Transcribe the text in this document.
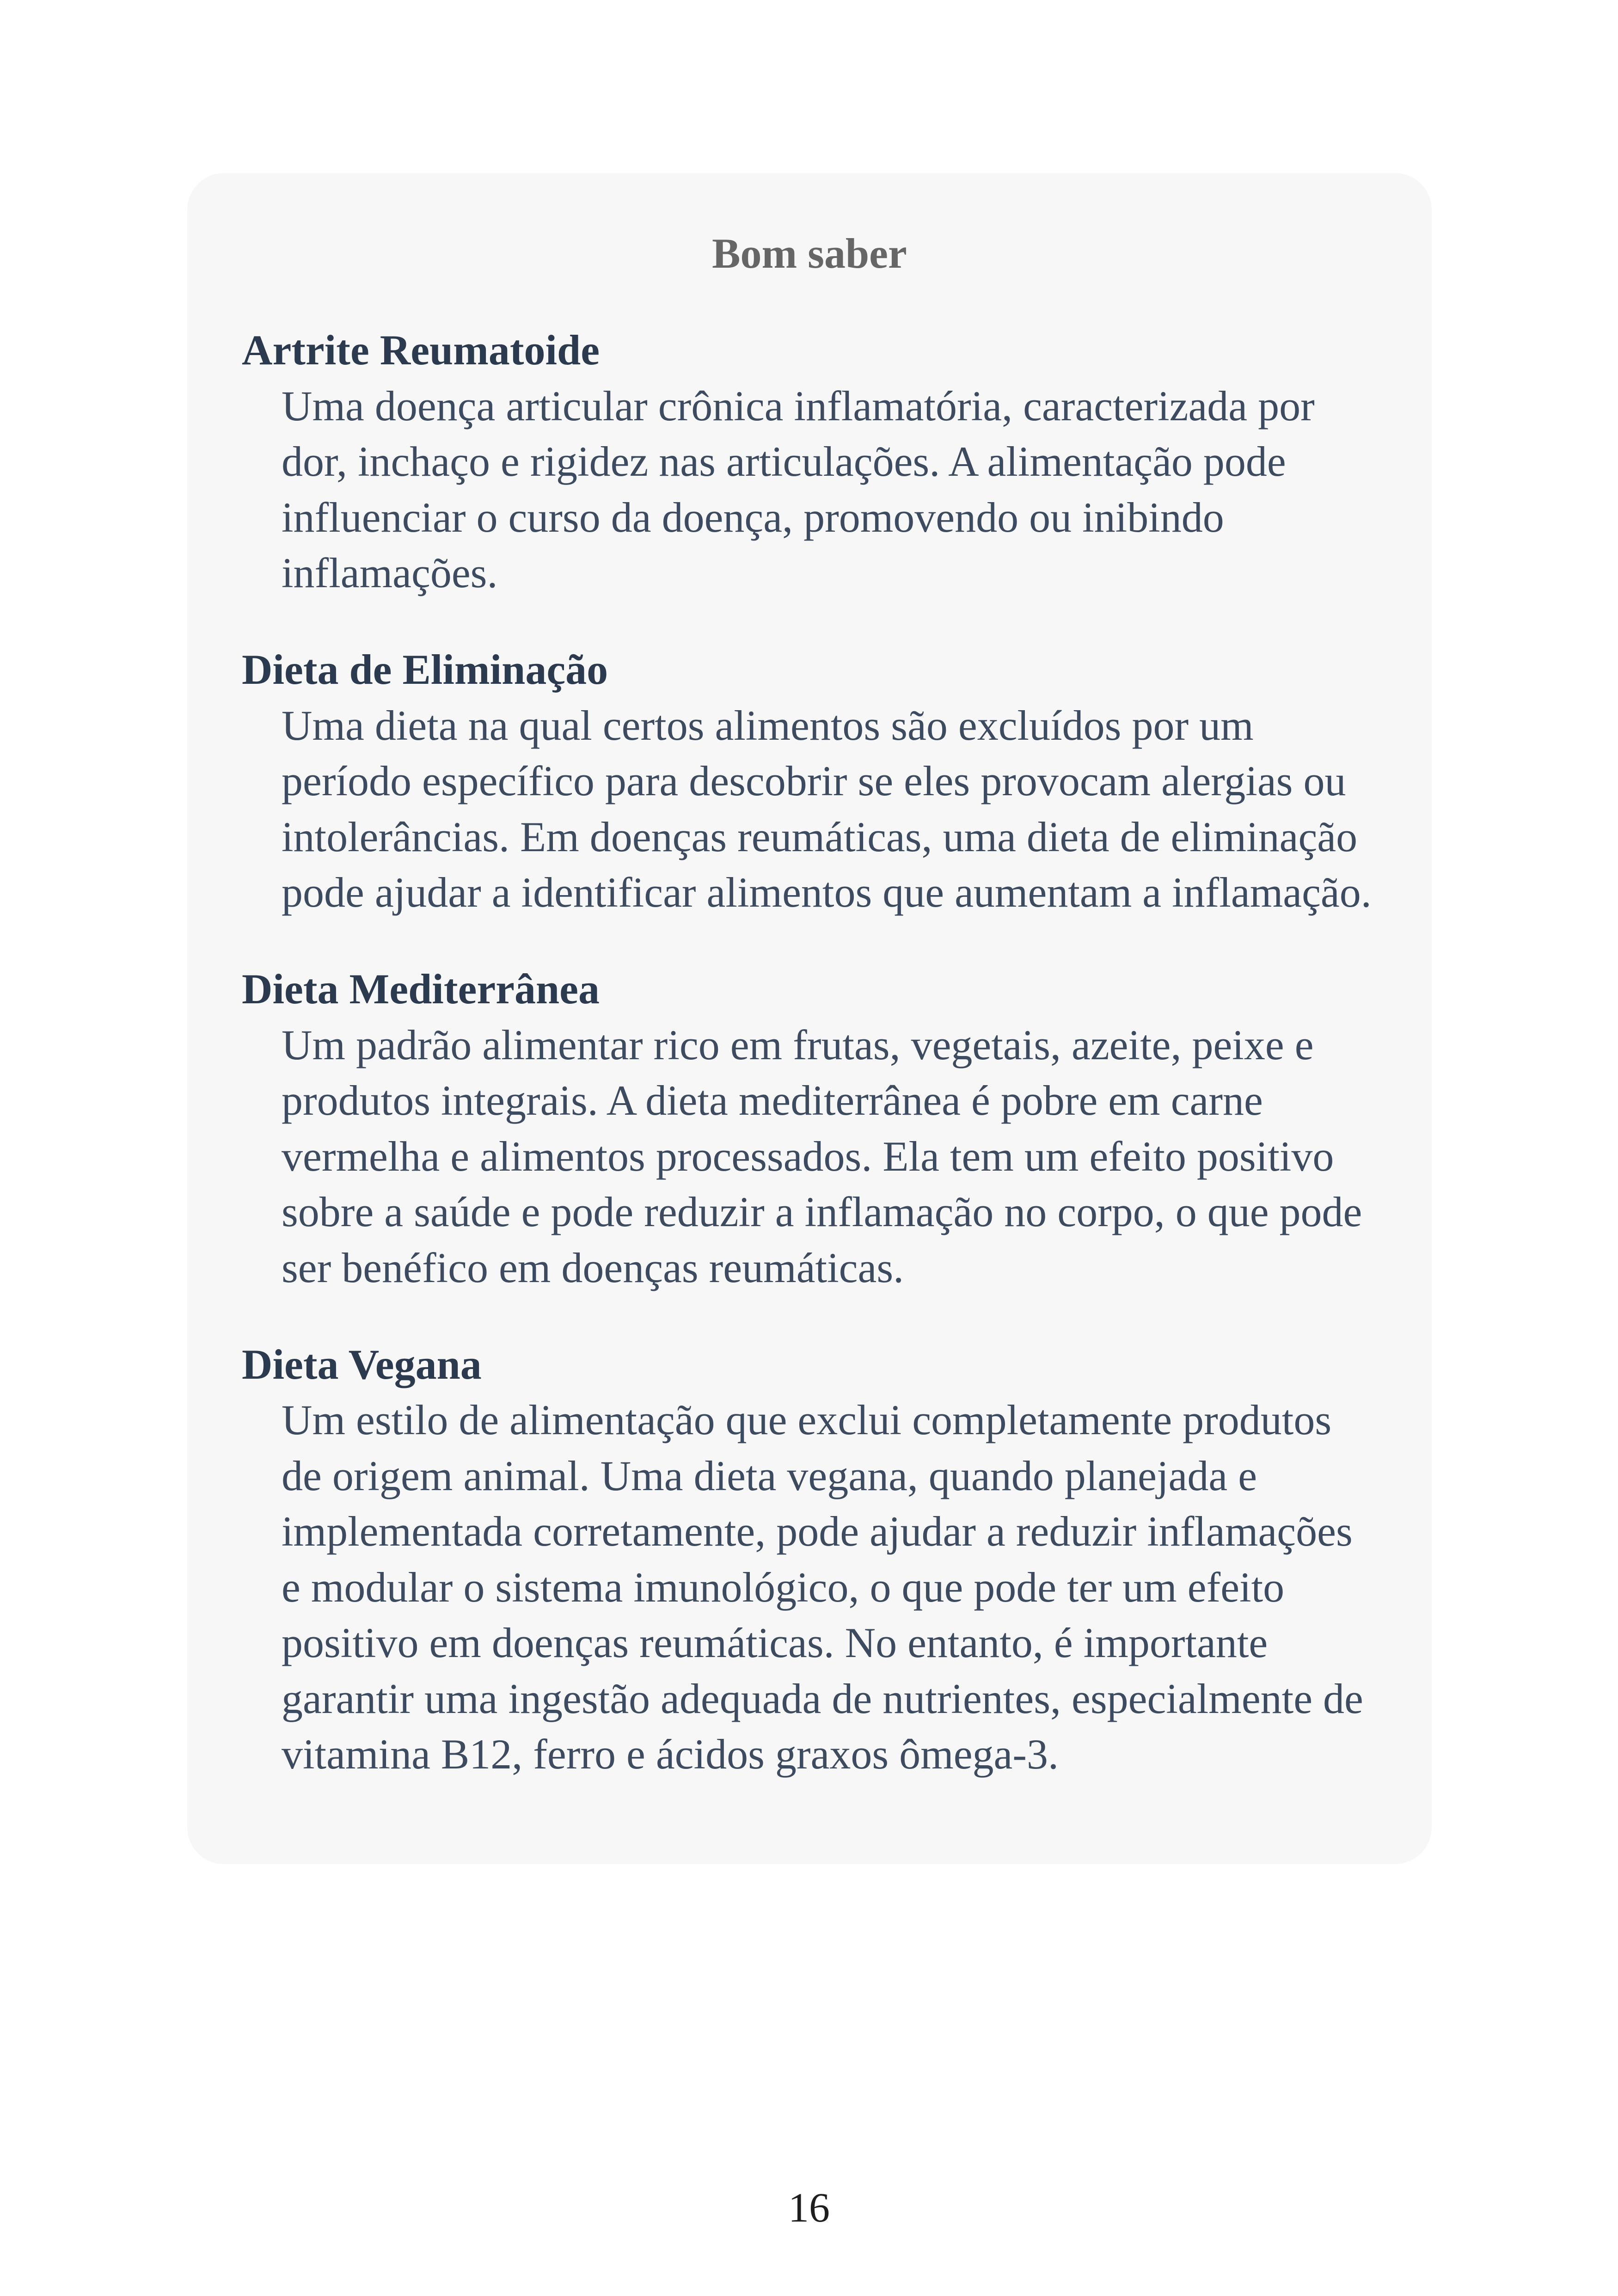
Bom saber
Artrite Reumatoide
Uma doença articular crônica inflamatória, caracterizada por
dor, inchaço e rigidez nas articulações. A alimentação pode
influenciar o curso da doença, promovendo ou inibindo
inflamações.
Dieta de Eliminação
Uma dieta na qual certos alimentos são excluídos por um
período específico para descobrir se eles provocam alergias ou
intolerâncias. Em doenças reumáticas, uma dieta de eliminação
pode ajudar a identificar alimentos que aumentam a inflamação.
Dieta Mediterrânea
Um padrão alimentar rico em frutas, vegetais, azeite, peixe e
produtos integrais. A dieta mediterrânea é pobre em carne
vermelha e alimentos processados. Ela tem um efeito positivo
sobre a saúde e pode reduzir a inflamação no corpo, o que pode
ser benéfico em doenças reumáticas.
Dieta Vegana
Um estilo de alimentação que exclui completamente produtos
de origem animal. Uma dieta vegana, quando planejada e
implementada corretamente, pode ajudar a reduzir inflamações
e modular o sistema imunológico, o que pode ter um efeito
positivo em doenças reumáticas. No entanto, é importante
garantir uma ingestão adequada de nutrientes, especialmente de
vitamina B12, ferro e ácidos graxos ômega-3.
16
